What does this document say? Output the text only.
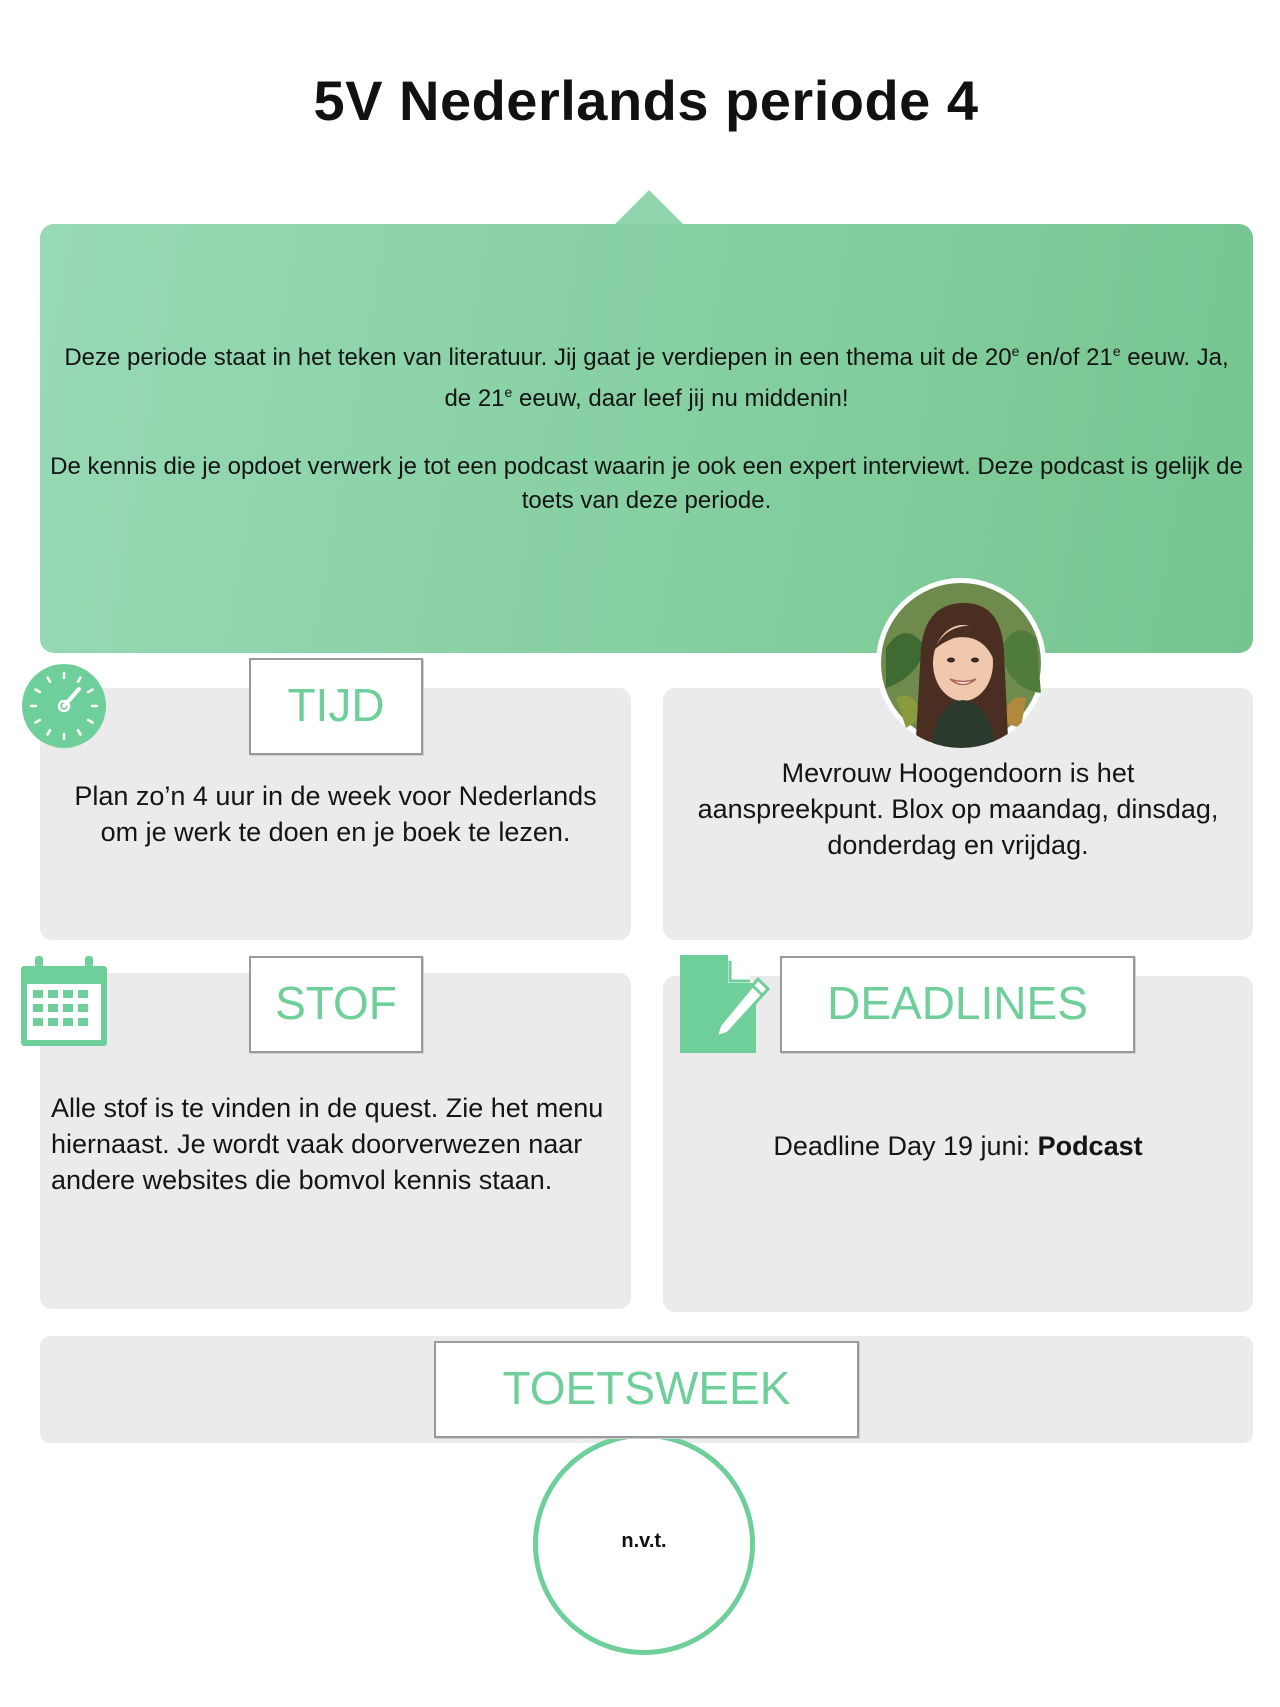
5V Nederlands periode 4

Deze periode staat in het teken van literatuur. Jij gaat je verdiepen in een thema uit de 20e en/of 21e eeuw. Ja, de 21e eeuw, daar leef jij nu middenin!

De kennis die je opdoet verwerk je tot een podcast waarin je ook een expert interviewt. Deze podcast is gelijk de toets van deze periode.

TIJD
Plan zo’n 4 uur in de week voor Nederlands om je werk te doen en je boek te lezen.
Mevrouw Hoogendoorn is het aanspreekpunt. Blox op maandag, dinsdag, donderdag en vrijdag.
STOF
Alle stof is te vinden in de quest. Zie het menu hiernaast. Je wordt vaak doorverwezen naar andere websites die bomvol kennis staan.
DEADLINES
Deadline Day 19 juni: Podcast
TOETSWEEK
n.v.t.
